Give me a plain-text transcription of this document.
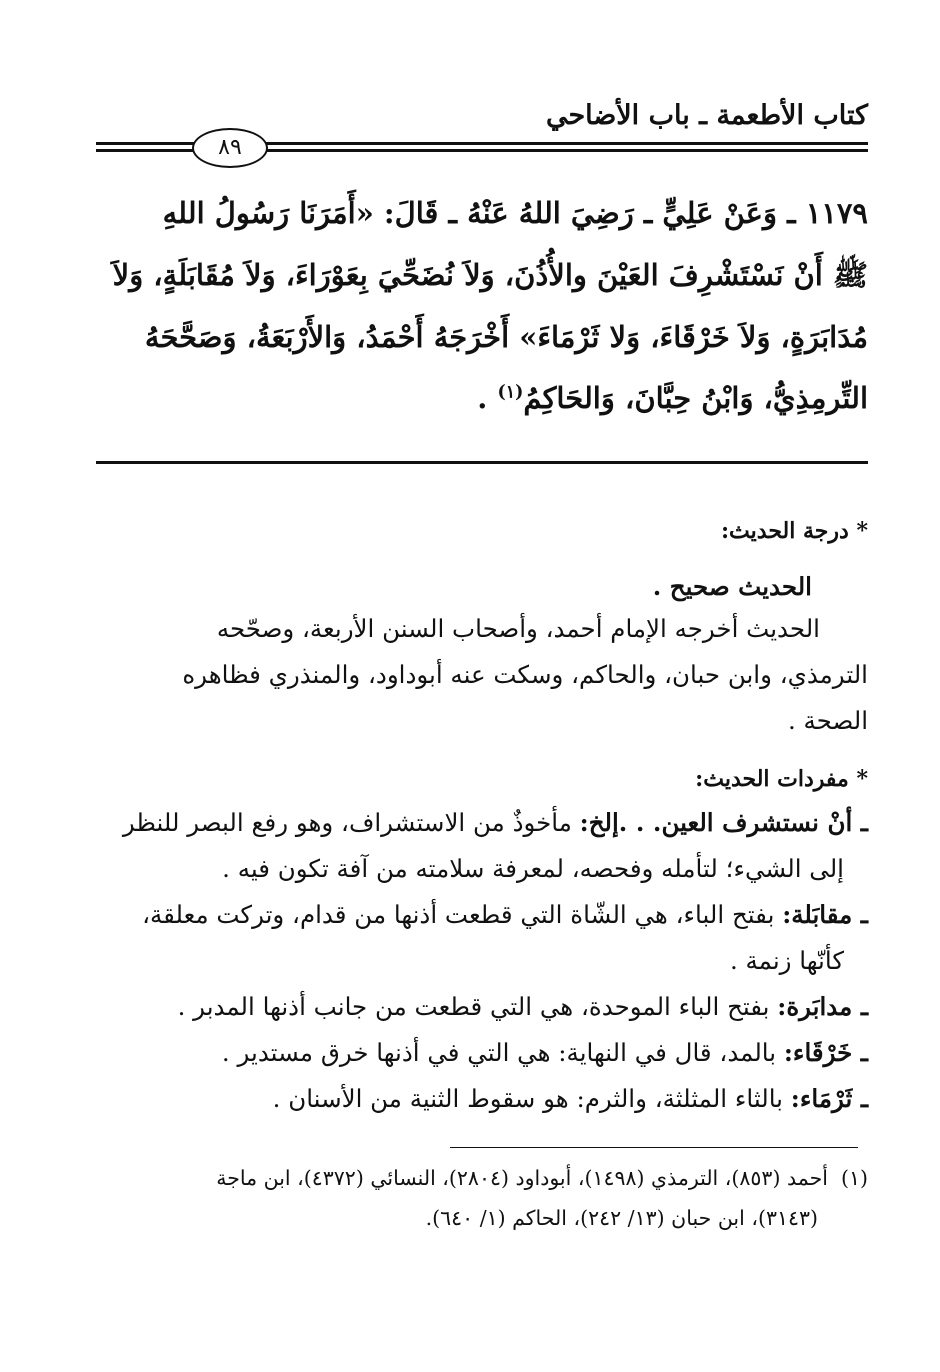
كتاب الأطعمة ـ باب الأضاحي
٨٩
١١٧٩ ـ وَعَنْ عَلِيٍّ ـ رَضِيَ اللهُ عَنْهُ ـ قَالَ: «أَمَرَنَا رَسُولُ اللهِ
ﷺ أَنْ نَسْتَشْرِفَ العَيْنَ والأُذُنَ، وَلاَ نُضَحِّيَ بِعَوْرَاءَ، وَلاَ مُقَابَلَةٍ، وَلاَ
مُدَابَرَةٍ، وَلاَ خَرْقَاءَ، وَلا ثَرْمَاءَ» أَخْرَجَهُ أَحْمَدُ، وَالأَرْبَعَةُ، وَصَحَّحَهُ
التِّرمِذِيُّ، وَابْنُ حِبَّانَ، وَالحَاكِمُ$^{(١)}$ .
* درجة الحديث:
الحديث صحيح .
الحديث أخرجه الإمام أحمد، وأصحاب السنن الأربعة، وصحّحه
الترمذي، وابن حبان، والحاكم، وسكت عنه أبوداود، والمنذري فظاهره
الصحة .
* مفردات الحديث:
ـ أنْ نستشرف العين. . .إلخ: مأخوذٌ من الاستشراف، وهو رفع البصر للنظر
إلى الشيء؛ لتأمله وفحصه، لمعرفة سلامته من آفة تكون فيه .
ـ مقابَلة: بفتح الباء، هي الشّاة التي قطعت أذنها من قدام، وتركت معلقة،
كأنّها زنمة .
ـ مدابَرة: بفتح الباء الموحدة، هي التي قطعت من جانب أذنها المدبر .
ـ خَرْقَاء: بالمد، قال في النهاية: هي التي في أذنها خرق مستدير .
ـ ثَرْمَاء: بالثاء المثلثة، والثرم: هو سقوط الثنية من الأسنان .
(١)  أحمد (٨٥٣)، الترمذي (١٤٩٨)، أبوداود (٢٨٠٤)، النسائي (٤٣٧٢)، ابن ماجة
(٣١٤٣)، ابن حبان (١٣/ ٢٤٢)، الحاكم (١/ ٦٤٠).
